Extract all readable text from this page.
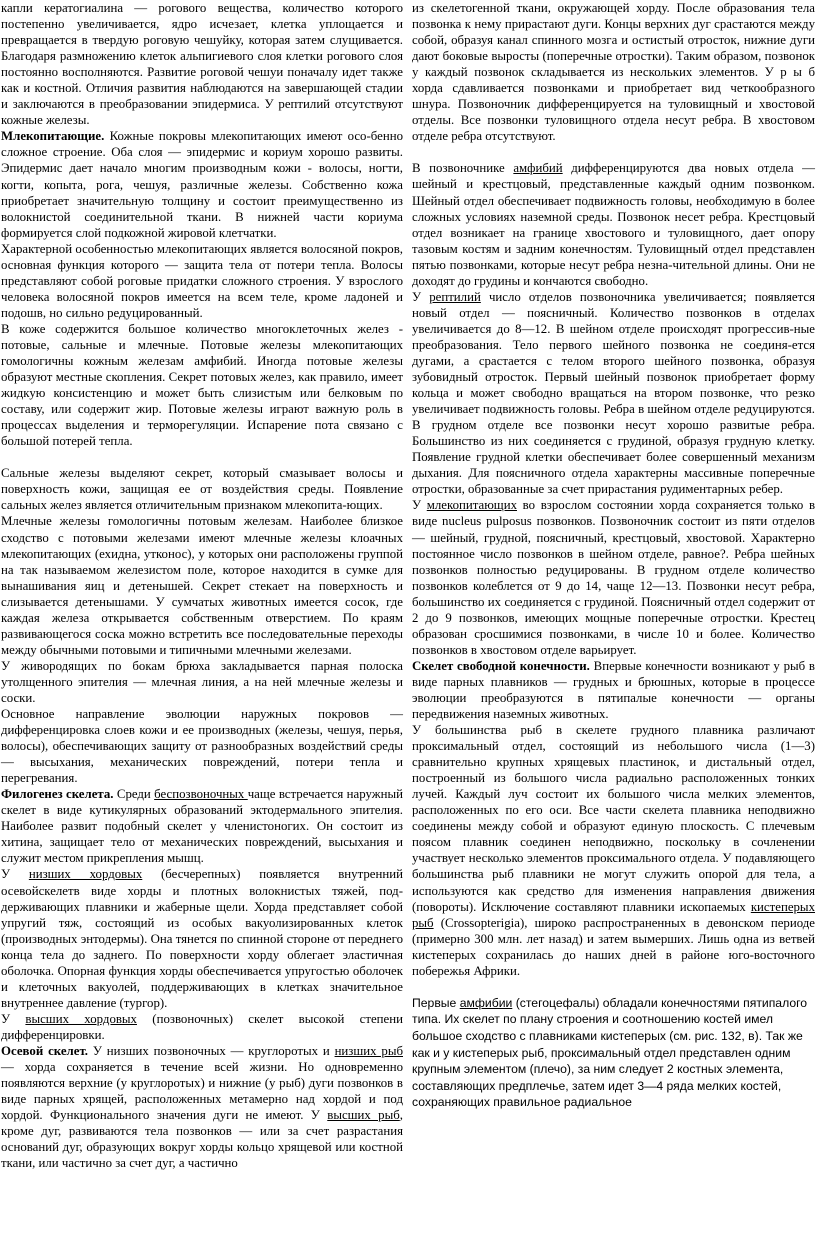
капли кератогиалина — рогового вещества, количество которого постепенно увеличивается, ядро исчезает, клетка уплощается и превращается в твердую роговую чешуйку, которая затем слущивается. Благодаря размножению клеток альпигиевого слоя клетки рогового слоя постоянно восполняются. Развитие роговой чешуи поначалу идет также как и костной. Отличия развития наблюдаются на завершающей стадии и заключаются в преобразовании эпидермиса. У рептилий отсутствуют кожные железы.

Млекопитающие. Кожные покровы млекопитающих имеют осо-бенно сложное строение. Оба слоя — эпидермис и кориум хорошо развиты. Эпидермис дает начало многим производным кожи - волосы, ногти, когти, копыта, рога, чешуя, различные железы. Собственно кожа приобретает значительную толщину и состоит преимущественно из волокнистой соединительной ткани. В нижней части кориума формируется слой подкожной жировой клетчатки.

Характерной особенностью млекопитающих является волосяной покров, основная функция которого — защита тела от потери тепла. Волосы представляют собой роговые придатки сложного строения. У взрослого человека волосяной покров имеется на всем теле, кроме ладоней и подошв, но сильно редуцированный.

В коже содержится большое количество многоклеточных желез - потовые, сальные и млечные. Потовые железы млекопитающих гомологичны кожным железам амфибий. Иногда потовые железы образуют местные скопления. Секрет потовых желез, как правило, имеет жидкую консистенцию и может быть слизистым или белковым по составу, или содержит жир. Потовые железы играют важную роль в процессах выделения и терморегуляции. Испарение пота связано с большой потерей тепла.

Сальные железы выделяют секрет, который смазывает волосы и поверхность кожи, защищая ее от воздействия среды. Появление сальных желез является отличительным признаком млекопита-ющих.

Млечные железы гомологичны потовым железам. Наиболее близкое сходство с потовыми железами имеют млечные железы клоачных млекопитающих (ехидна, утконос), у которых они расположены группой на так называемом железистом поле, которое находится в сумке для вынашивания яиц и детенышей. Секрет стекает на поверхность и слизывается детенышами. У сумчатых животных имеется сосок, где каждая железа открывается собственным отверстием. По краям развивающегося соска можно встретить все последовательные переходы между обычными потовыми и типичными млечными железами.

У живородящих по бокам брюха закладывается парная полоска утолщенного эпителия — млечная линия, а на ней млечные железы и соски.

Основное направление эволюции наружных покровов — дифференцировка слоев кожи и ее производных (железы, чешуя, перья, волосы), обеспечивающих защиту от разнообразных воздействий среды — высыхания, механических повреждений, потери тепла и перегревания.

Филогенез скелета. Среди беспозвоночных чаще встречается наружный скелет в виде кутикулярных образований эктодермального эпителия. Наиболее развит подобный скелет у членистоногих. Он состоит из хитина, защищает тело от механических повреждений, высыхания и служит местом прикрепления мышц.

У низших хордовых (бесчерепных) появляется внутренний осевойскелетв виде хорды и плотных волокнистых тяжей, под-держивающих плавники и жаберные щели. Хорда представляет собой упругий тяж, состоящий из особых вакуолизированных клеток (производных энтодермы). Она тянется по спинной стороне от переднего конца тела до заднего. По поверхности хорду облегает эластичная оболочка. Опорная функция хорды обеспечивается упругостью оболочек и клеточных вакуолей, поддерживающих в клетках значительное внутреннее давление (тургор).

У высших хордовых (позвоночных) скелет высокой степени дифференцировки.

Осевой скелет. У низших позвоночных — круглоротых и низших рыб — хорда сохраняется в течение всей жизни. Но одновременно появляются верхние (у круглоротых) и нижние (у рыб) дуги позвонков в виде парных хрящей, расположенных метамерно над хордой и под хордой. Функционального значения дуги не имеют. У высших рыб, кроме дуг, развиваются тела позвонков — или за счет разрастания оснований дуг, образующих вокруг хорды кольцо хрящевой или костной ткани, или частично за счет дуг, а частично

из скелетогенной ткани, окружающей хорду. После образования тела позвонка к нему прирастают дуги. Концы верхних дуг срастаются между собой, образуя канал спинного мозга и остистый отросток, нижние дуги дают боковые выросты (поперечные отростки). Таким образом, позвонок у каждый позвонок складывается из нескольких элементов. У р ы б хорда сдавливается позвонками и приобретает вид четкообразного шнура. Позвоночник дифференцируется на туловищный и хвостовой отделы. Все позвонки туловищного отдела несут ребра. В хвостовом отделе ребра отсутствуют.

В позвоночнике амфибий дифференцируются два новых отдела — шейный и крестцовый, представленные каждый одним позвонком. Шейный отдел обеспечивает подвижность головы, необходимую в более сложных условиях наземной среды. Позвонок несет ребра. Крестцовый отдел возникает на границе хвостового и туловищного, дает опору тазовым костям и задним конечностям. Туловищный отдел представлен пятью позвонками, которые несут ребра незна-чительной длины. Они не доходят до грудины и кончаются свободно.

У рептилий число отделов позвоночника увеличивается; появляется новый отдел — поясничный. Количество позвонков в отделах увеличивается до 8—12. В шейном отделе происходят прогрессив-ные преобразования. Тело первого шейного позвонка не соединя-ется дугами, а срастается с телом второго шейного позвонка, образуя зубовидный отросток. Первый шейный позвонок приобретает форму кольца и может свободно вращаться на втором позвонке, что резко увеличивает подвижность головы. Ребра в шейном отделе редуцируются. В грудном отделе все позвонки несут хорошо развитые ребра. Большинство из них соединяется с грудиной, образуя грудную клетку. Появление грудной клетки обеспечивает более совершенный механизм дыхания. Для поясничного отдела характерны массивные поперечные отростки, образованные за счет прирастания рудиментарных ребер.

У млекопитающих во взрослом состоянии хорда сохраняется только в виде nucleus pulposus позвонков. Позвоночник состоит из пяти отделов — шейный, грудной, поясничный, крестцовый, хвостовой. Характерно постоянное число позвонков в шейном отделе, равное?. Ребра шейных позвонков полностью редуцированы. В грудном отделе количество позвонков колеблется от 9 до 14, чаще 12—13. Позвонки несут ребра, большинство их соединяется с грудиной. Поясничный отдел содержит от 2 до 9 позвонков, имеющих мощные поперечные отростки. Крестец образован сросшимися позвонками, в числе 10 и более. Количество позвонков в хвостовом отделе варьирует.

Скелет свободной конечности. Впервые конечности возникают у рыб в виде парных плавников — грудных и брюшных, которые в процессе эволюции преобразуются в пятипалые конечности — органы передвижения наземных животных.

У большинства рыб в скелете грудного плавника различают проксимальный отдел, состоящий из небольшого числа (1—3) сравнительно крупных хрящевых пластинок, и дистальный отдел, построенный из большого числа радиально расположенных тонких лучей. Каждый луч состоит их большого числа мелких элементов, расположенных по его оси. Все части скелета плавника неподвижно соединены между собой и образуют единую плоскость. С плечевым поясом плавник соединен неподвижно, поскольку в сочленении участвует несколько элементов проксимального отдела. У подавляющего большинства рыб плавники не могут служить опорой для тела, а используются как средство для изменения направления движения (повороты). Исключение составляют плавники ископаемых кистеперых рыб (Crossopterigia), широко распространенных в девонском периоде (примерно 300 млн. лет назад) и затем вымерших. Лишь одна из ветвей кистеперых сохранилась до наших дней в районе юго-восточного побережья Африки.

Первые амфибии (стегоцефалы) обладали конечностями пятипалого типа. Их скелет по плану строения и соотношению костей имел большое сходство с плавниками кистеперых (см. рис. 132, в). Так же как и у кистеперых рыб, проксимальный отдел представлен одним крупным элементом (плечо), за ним следует 2 костных элемента, составляющих предплечье, затем идет 3—4 ряда мелких костей, сохраняющих правильное радиальное
